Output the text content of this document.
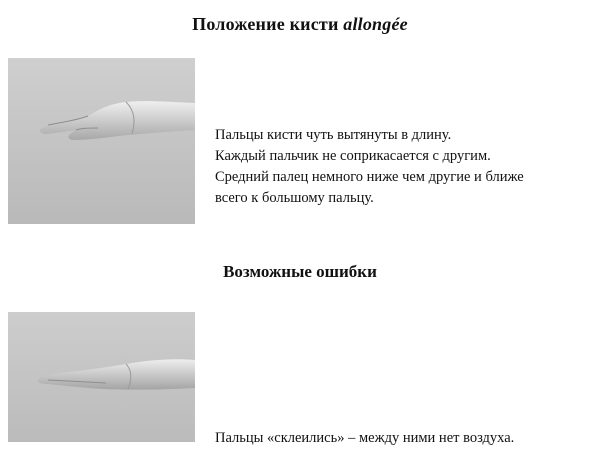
Положение кисти allongée
Пальцы кисти чуть вытянуты в длину.
Каждый пальчик не соприкасается с другим.
Средний палец немного ниже чем другие и ближе
всего к большому пальцу.
Возможные ошибки
Пальцы «склеились» – между ними нет воздуха.
